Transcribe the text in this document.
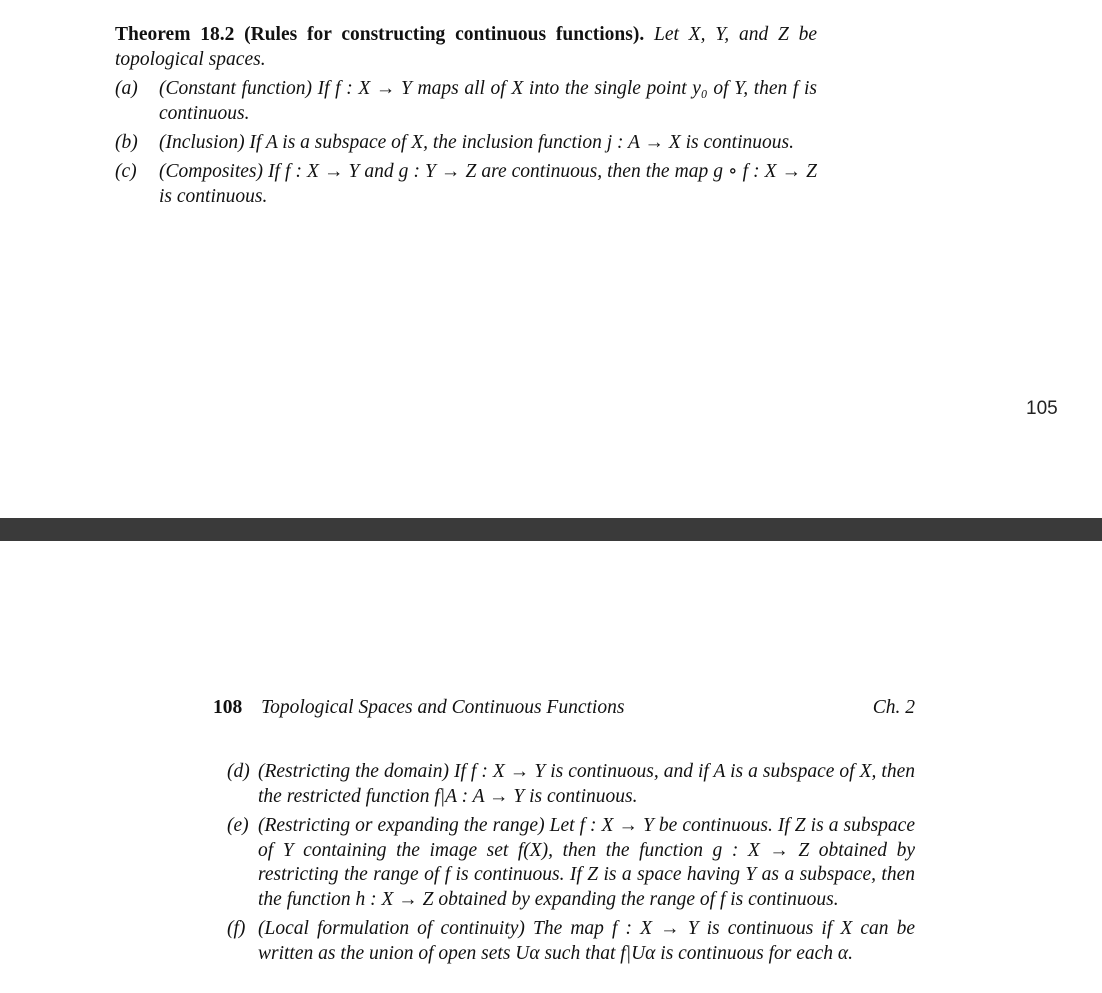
Theorem 18.2 (Rules for constructing continuous functions). Let X, Y, and Z be topological spaces.
(a) (Constant function) If f : X → Y maps all of X into the single point y₀ of Y, then f is continuous.
(b) (Inclusion) If A is a subspace of X, the inclusion function j : A → X is continuous.
(c) (Composites) If f : X → Y and g : Y → Z are continuous, then the map g ∘ f : X → Z is continuous.
105
108 Topological Spaces and Continuous Functions	Ch. 2
(d) (Restricting the domain) If f : X → Y is continuous, and if A is a subspace of X, then the restricted function f|A : A → Y is continuous.
(e) (Restricting or expanding the range) Let f : X → Y be continuous. If Z is a subspace of Y containing the image set f(X), then the function g : X → Z obtained by restricting the range of f is continuous. If Z is a space having Y as a subspace, then the function h : X → Z obtained by expanding the range of f is continuous.
(f) (Local formulation of continuity) The map f : X → Y is continuous if X can be written as the union of open sets Uα such that f|Uα is continuous for each α.
